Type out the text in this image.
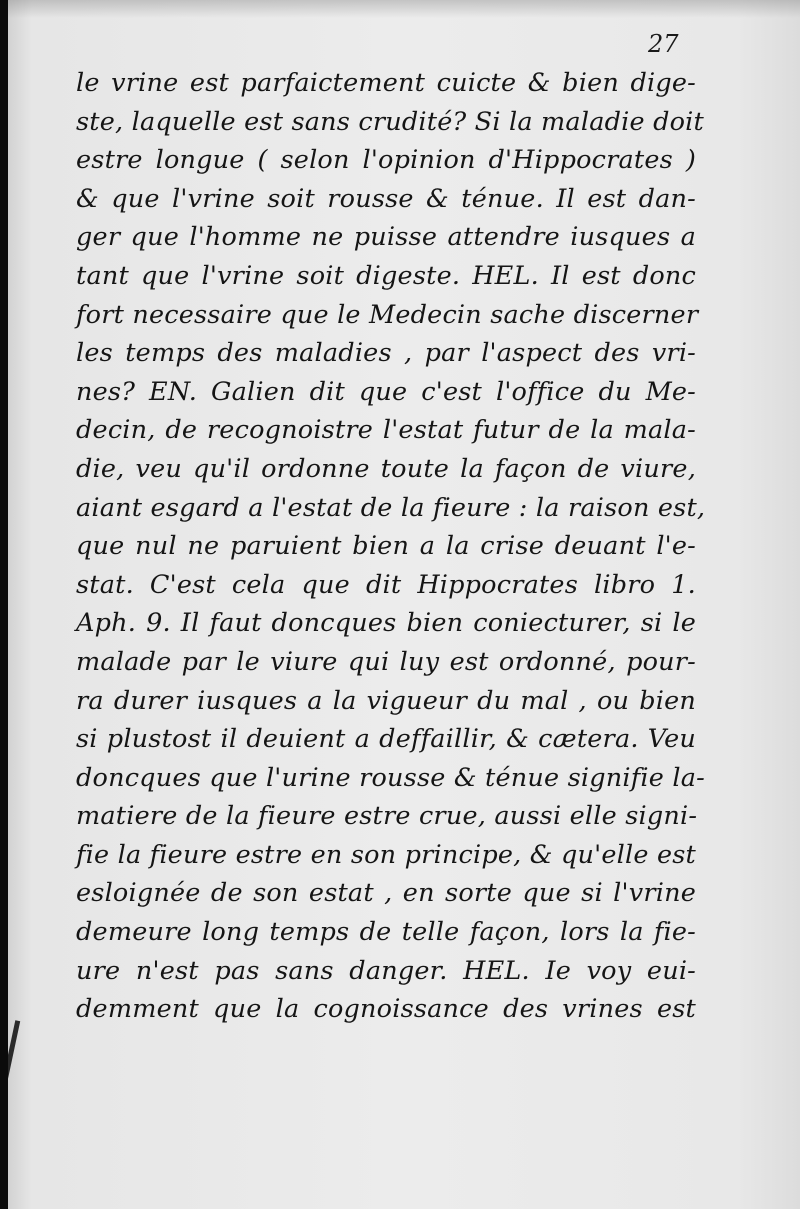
27
le vrine est parfaictement cuicte & bien dige-
ste, laquelle est sans crudité? Si la maladie doit
estre longue ( selon l'opinion d'Hippocrates )
& que l'vrine soit rousse & ténue. Il est dan-
ger que l'homme ne puisse attendre iusques a
tant que l'vrine soit digeste. HEL. Il est donc
fort necessaire que le Medecin sache discerner
les temps des maladies , par l'aspect des vri-
nes? EN. Galien dit que c'est l'office du Me-
decin, de recognoistre l'estat futur de la mala-
die, veu qu'il ordonne toute la façon de viure,
aiant esgard a l'estat de la fieure : la raison est,
que nul ne paruient bien a la crise deuant l'e-
stat. C'est cela que dit Hippocrates libro 1.
Aph. 9. Il faut doncques bien coniecturer, si le
malade par le viure qui luy est ordonné, pour-
ra durer iusques a la vigueur du mal , ou bien
si plustost il deuient a deffaillir, & cætera. Veu
doncques que l'urine rousse & ténue signifie la-
matiere de la fieure estre crue, aussi elle signi-
fie la fieure estre en son principe, & qu'elle est
esloignée de son estat , en sorte que si l'vrine
demeure long temps de telle façon, lors la fie-
ure n'est pas sans danger. HEL. Ie voy eui-
demment que la cognoissance des vrines est
